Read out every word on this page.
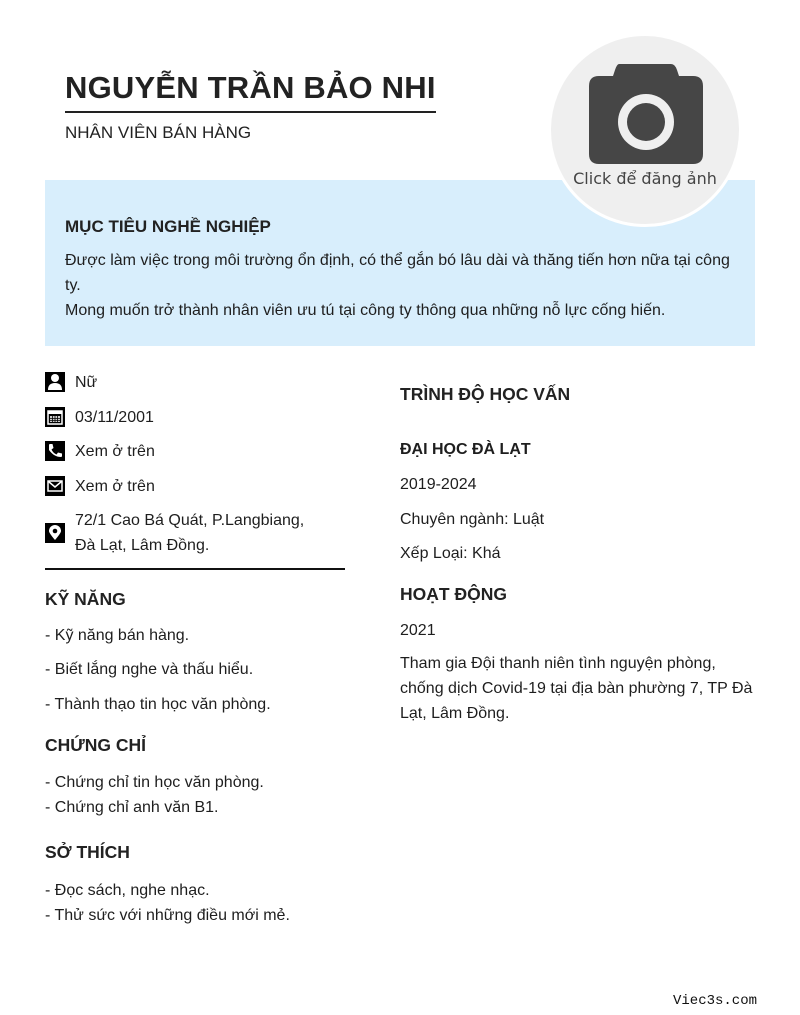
NGUYỄN TRẦN BẢO NHI
NHÂN VIÊN BÁN HÀNG
MỤC TIÊU NGHỀ NGHIỆP

Được làm việc trong môi trường ổn định, có thể gắn bó lâu dài và thăng tiến hơn nữa tại công ty.

Mong muốn trở thành nhân viên ưu tú tại công ty thông qua những nỗ lực cống hiến.

Click để đăng ảnh
Nữ
03/11/2001
Xem ở trên
Xem ở trên
72/1 Cao Bá Quát, P.Langbiang, Đà Lạt, Lâm Đồng.
KỸ NĂNG
- Kỹ năng bán hàng.
- Biết lắng nghe và thấu hiểu.
- Thành thạo tin học văn phòng.
CHỨNG CHỈ
- Chứng chỉ tin học văn phòng.
- Chứng chỉ anh văn B1.
SỞ THÍCH
- Đọc sách, nghe nhạc.
- Thử sức với những điều mới mẻ.
TRÌNH ĐỘ HỌC VẤN
ĐẠI HỌC ĐÀ LẠT
2019-2024
Chuyên ngành: Luật
Xếp Loại: Khá
HOẠT ĐỘNG
2021
Tham gia Đội thanh niên tình nguyện phòng, chống dịch Covid-19 tại địa bàn phường 7, TP Đà Lạt, Lâm Đồng.
Viec3s.com
